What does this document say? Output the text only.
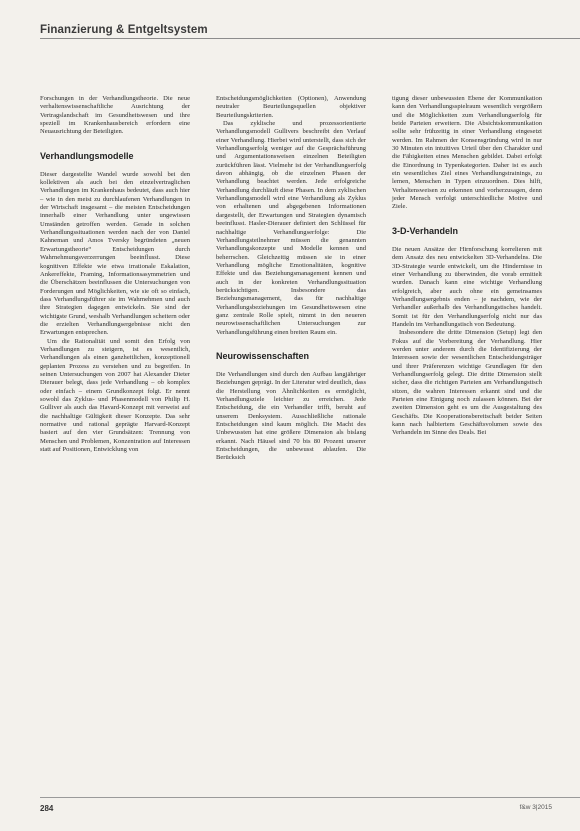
Finanzierung & Entgeltsystem

Forschungen in der Verhandlungstheorie. Die neue verhaltenswissenschaftliche Ausrichtung der Vertragslandschaft im Gesundheitswesen und ihre speziell im Krankenhausbereich erfordern eine Neuausrichtung der Beteiligten.

Verhandlungsmodelle

Dieser dargestellte Wandel wurde sowohl bei den kollektiven als auch bei den einzelvertraglichen Verhandlungen im Krankenhaus bedeutet, dass auch hier – wie in den meist zu durchlaufenen Verhandlungen in der Wirtschaft insgesamt – die meisten Entscheidungen innerhalb einer Verhandlung unter ungewissen Umständen getroffen werden. Gerade in solchen Verhandlungssituationen werden nach der von Daniel Kahneman und Amos Tversky begründeten „neuen Erwartungstheorie“ Entscheidungen durch Wahrnehmungsverzerrungen beeinflusst. Diese kognitiven Effekte wie etwa irrationale Eskalation, Ankereffekte, Framing, Informationsasymmetrien und die Überschätzen beeinflussen die Untersuchungen von Forderungen und Möglichkeiten, wie sie oft so einfach, dass Verhandlungsführer sie im Wahrnehmen und auch ihre Strategien dagegen entwickeln. Sie sind der wichtigste Grund, weshalb Verhandlungen scheitern oder die erzielten Verhandlungsergebnisse nicht den Erwartungen entsprechen.

Um die Rationalität und somit den Erfolg von Verhandlungen zu steigern, ist es wesentlich, Verhandlungen als einen ganzheitlichen, konzeptionell geplanten Prozess zu verstehen und zu begreifen. In seinen Untersuchungen von 2007 hat Alexander Dieter Dierauer belegt, dass jede Verhandlung – ob komplex oder einfach – einem Grundkonzept folgt. Er nennt sowohl das Zyklus- und Phasenmodell von Philip H. Gulliver als auch das Havard-Konzept mit verweist auf die nachhaltige Gültigkeit dieser Konzepte. Das sehr normative und rational geprägte Harvard-Konzept basiert auf den vier Grundsätzen: Trennung von Menschen und Problemen, Konzentration auf Interessen statt auf Positionen, Entwicklung von

Entscheidungsmöglichkeiten (Optionen), Anwendung neutraler Beurteilungsquellen objektiver Beurteilungskriterien.

Das zyklische und prozessorientierte Verhandlungsmodell Gullivers beschreibt den Verlauf einer Verhandlung. Hierbei wird unterstellt, dass sich der Verhandlungserfolg weniger auf die Gesprächsführung und Argumentationsweisen einzelnen Beteiligten zurückführen lässt. Vielmehr ist der Verhandlungserfolg davon abhängig, ob die einzelnen Phasen der Verhandlung beachtet werden. Jede erfolgreiche Verhandlung durchläuft diese Phasen. In dem zyklischen Verhandlungsmodell wird eine Verhandlung als Zyklus von erhaltenen und abgegebenen Informationen dargestellt, der Erwartungen und Strategien dynamisch beeinflusst. Hasler-Dierauer definiert den Schlüssel für nachhaltige Verhandlungserfolge: Die Verhandlungsteilnehmer müssen die genannten Verhandlungskonzepte und Modelle kennen und beherrschen. Gleichzeitig müssen sie in einer Verhandlung mögliche Emotionalitäten, kognitive Effekte und das Beziehungsmanagement kennen und auch in der konkreten Verhandlungssituation berücksichtigen. Insbesondere das Beziehungsmanagement, das für nachhaltige Verhandlungsbeziehungen im Gesundheitswesen eine ganz zentrale Rolle spielt, nimmt in den neueren neurowissenschaftlichen Untersuchungen zur Verhandlungsführung einen breiten Raum ein.

Neurowissenschaften

Die Verhandlungen sind durch den Aufbau langjähriger Beziehungen geprägt. In der Literatur wird deutlich, dass die Herstellung von Ähnlichkeiten es ermöglicht, Verhandlungsziele leichter zu erreichen. Jede Entscheidung, die ein Verhandler trifft, beruht auf unserem Denksystem. Ausschließliche rationale Entscheidungen sind kaum möglich. Die Macht des Unbewussten hat eine größere Dimension als bislang erkannt. Nach Häusel sind 70 bis 80 Prozent unserer Entscheidungen, die unbewusst ablaufen. Die Berücksich

tigung dieser unbewussten Ebene der Kommunikation kann den Verhandlungsspielraum wesentlich vergrößern und die Möglichkeiten zum Verhandlungserfolg für beide Parteien erweitern. Die Absichtskommunikation sollte sehr frühzeitig in einer Verhandlung eingesetzt werden. Im Rahmen der Konsensgründung wird in nur 30 Minuten ein intuitives Urteil über den Charakter und die Fähigkeiten eines Menschen gebildet. Dabei erfolgt die Einordnung in Typenkategorien. Daher ist es auch ein wesentliches Ziel eines Verhandlungstrainings, zu lernen, Menschen in Typen einzuordnen. Dies hilft, Verhaltensweisen zu erkennen und vorherzusagen, denn jeder Mensch verfolgt unterschiedliche Motive und Ziele.

3-D-Verhandeln

Die neuen Ansätze der Hirnforschung korrelieren mit dem Ansatz des neu entwickelten 3D-Verhandelns. Die 3D-Strategie wurde entwickelt, um die Hindernisse in einer Verhandlung zu überwinden, die vorab ermittelt wurden. Danach kann eine wichtige Verhandlung erfolgreich, aber auch ohne ein gemeinsames Verhandlungsergebnis enden – je nachdem, wie der Verhandler außerhalb des Verhandlungstisches handelt. Somit ist für den Verhandlungserfolg nicht nur das Handeln im Verhandlungstisch von Bedeutung.

Insbesondere die dritte Dimension (Setup) legt den Fokus auf die Vorbereitung der Verhandlung. Hier werden unter anderem durch die Identifizierung der Interessen sowie der wesentlichen Entscheidungsträger und ihrer Präferenzen wichtige Grundlagen für den Verhandlungserfolg gelegt. Die dritte Dimension stellt sicher, dass die richtigen Parteien am Verhandlungstisch sitzen, die wahren Interessen erkannt sind und die Parteien eine Einigung noch zulassen können. Bei der zweiten Dimension geht es um die Ausgestaltung des Geschäfts. Die Kooperationsbereitschaft beider Seiten kann nach halbiertem Geschäftsvolumen sowie des Verhandeln im Sinne des Deals. Bei

284	f&w 3|2015
